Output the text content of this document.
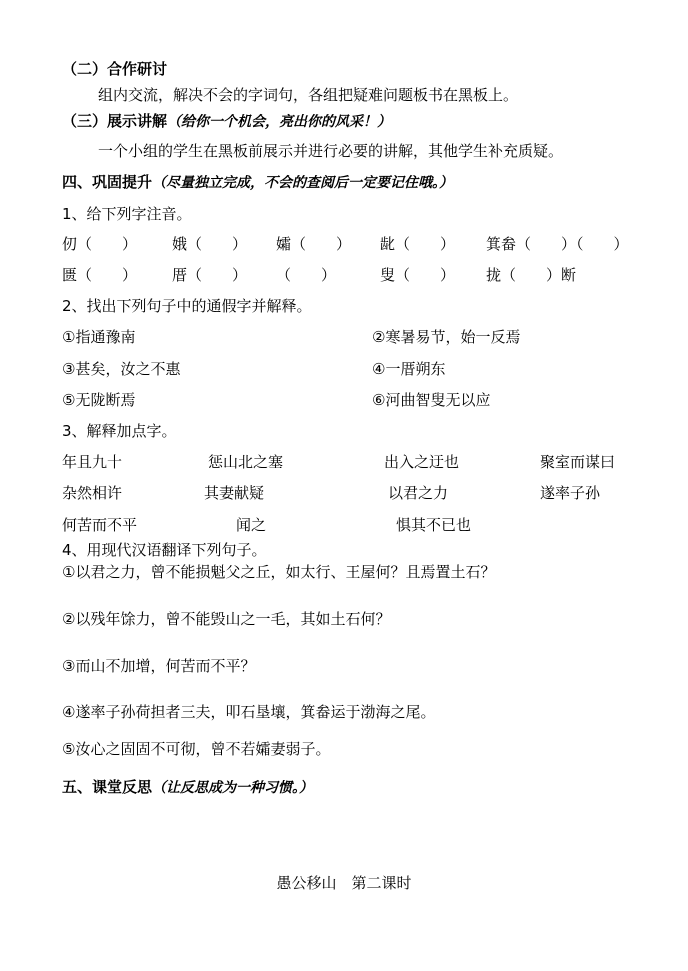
（二）合作研讨
组内交流，解决不会的字词句，各组把疑难问题板书在黑板上。
（三）展示讲解（给你一个机会，亮出你的风采！）
一个小组的学生在黑板前展示并进行必要的讲解，其他学生补充质疑。
四、巩固提升（尽量独立完成，不会的查阅后一定要记住哦。）
1、给下列字注音。
仞（　　） 娥（　　） 孀（　　） 龀（　　） 箕畚（　　）（　　）
匮（　　） 厝（　　） （　　）	叟（　　） 拢（　　）断
2、找出下列句子中的通假字并解释。
①指通豫南	②寒暑易节，始一反焉
③甚矣，汝之不惠	④一厝朔东
⑤无陇断焉	⑥河曲智叟无以应
3、解释加点字。
年且九十	惩山北之塞	出入之迂也	聚室而谋曰
杂然相许	其妻献疑	以君之力	遂率子孙
何苦而不平	闻之	惧其不已也
4、用现代汉语翻译下列句子。
①以君之力，曾不能损魁父之丘，如太行、王屋何？且焉置土石？
②以残年馀力，曾不能毁山之一毛，其如土石何？
③而山不加增，何苦而不平？
④遂率子孙荷担者三夫，叩石垦壤，箕畚运于渤海之尾。
⑤汝心之固固不可彻，曾不若孀妻弱子。
五、课堂反思（让反思成为一种习惯。）
愚公移山　第二课时
